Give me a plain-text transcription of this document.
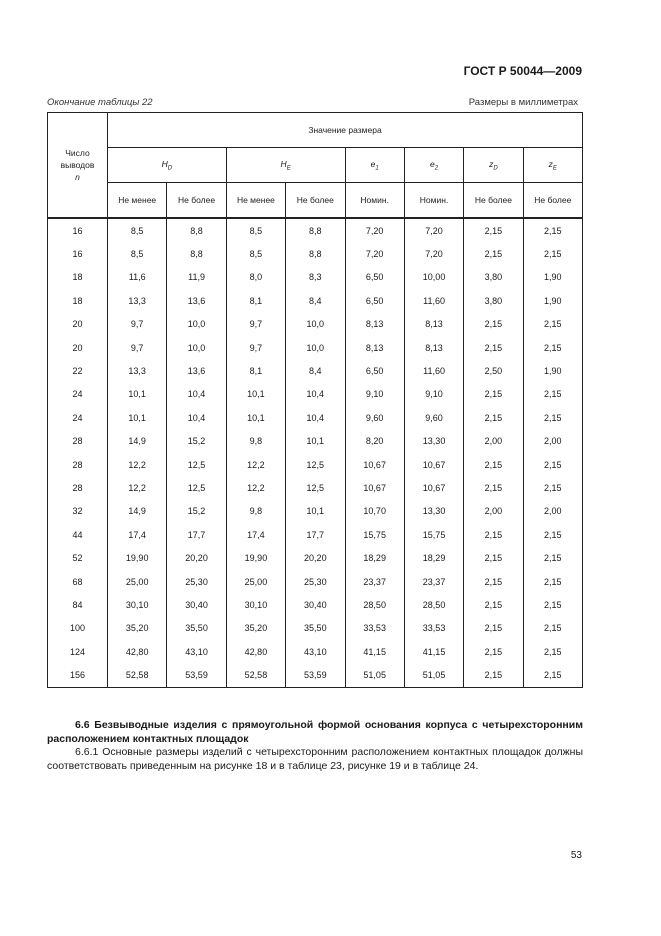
ГОСТ Р 50044—2009
Окончание таблицы 22	Размеры в миллиметрах
Число
выводов
n	Значение размера							
	$H_D$		$H_E$		$e_1$	$e_2$	$z_D$	$z_E$
	Не менее	Не более	Не менее	Не более	Номин.	Номин.	Не более	Не более

16	8,5	8,8	8,5	8,8	7,20	7,20	2,15	2,15
16	8,5	8,8	8,5	8,8	7,20	7,20	2,15	2,15
18	11,6	11,9	8,0	8,3	6,50	10,00	3,80	1,90
18	13,3	13,6	8,1	8,4	6,50	11,60	3,80	1,90
20	9,7	10,0	9,7	10,0	8,13	8,13	2,15	2,15
20	9,7	10,0	9,7	10,0	8,13	8,13	2,15	2,15
22	13,3	13,6	8,1	8,4	6,50	11,60	2,50	1,90
24	10,1	10,4	10,1	10,4	9,10	9,10	2,15	2,15
24	10,1	10,4	10,1	10,4	9,60	9,60	2,15	2,15
28	14,9	15,2	9,8	10,1	8,20	13,30	2,00	2,00
28	12,2	12,5	12,2	12,5	10,67	10,67	2,15	2,15
28	12,2	12,5	12,2	12,5	10,67	10,67	2,15	2,15
32	14,9	15,2	9,8	10,1	10,70	13,30	2,00	2,00
44	17,4	17,7	17,4	17,7	15,75	15,75	2,15	2,15
52	19,90	20,20	19,90	20,20	18,29	18,29	2,15	2,15
68	25,00	25,30	25,00	25,30	23,37	23,37	2,15	2,15
84	30,10	30,40	30,10	30,40	28,50	28,50	2,15	2,15
100	35,20	35,50	35,20	35,50	33,53	33,53	2,15	2,15
124	42,80	43,10	42,80	43,10	41,15	41,15	2,15	2,15
156	52,58	53,59	52,58	53,59	51,05	51,05	2,15	2,15
6.6 Безвыводные изделия с прямоугольной формой основания корпуса с четырехсторонним расположением контактных площадок
6.6.1 Основные размеры изделий с четырехсторонним расположением контактных площадок должны соответствовать приведенным на рисунке 18 и в таблице 23, рисунке 19 и в таблице 24.
53
